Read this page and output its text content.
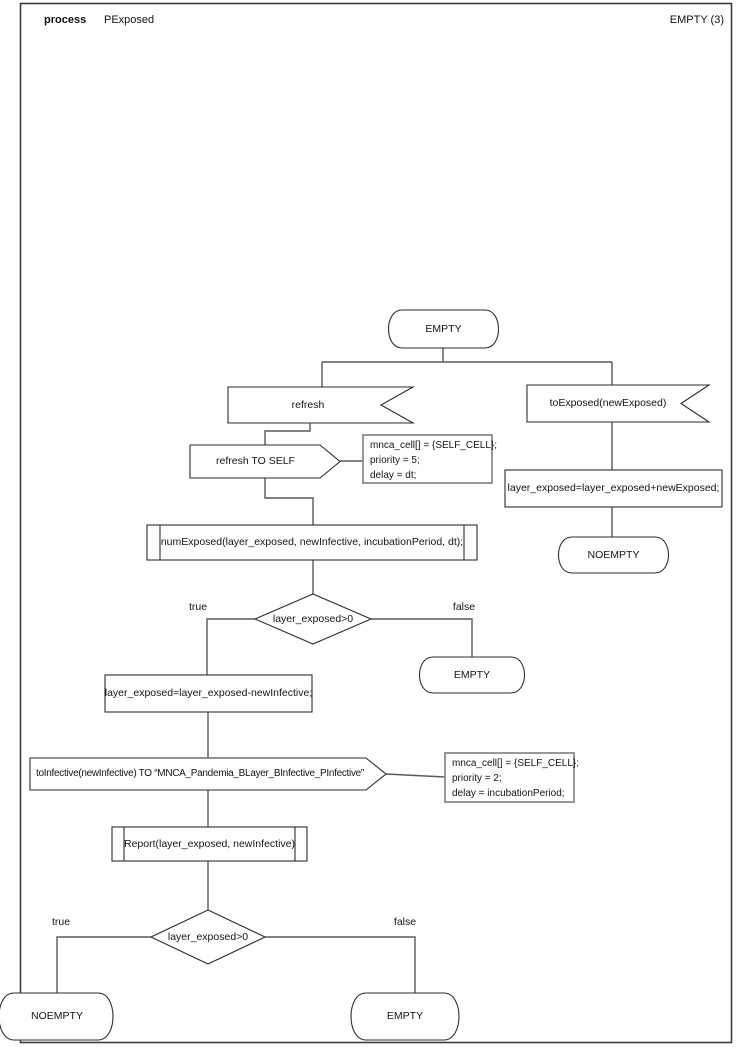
process PExposed	EMPTY (3)
EMPTY
refresh	toExposed(newExposed)
refresh TO SELF
mnca_cell[] = {SELF_CELL};
priority = 5;
delay = dt;
layer_exposed=layer_exposed+newExposed;
NOEMPTY
numExposed(layer_exposed, newInfective, incubationPeriod, dt);
layer_exposed>0
true	false
EMPTY
layer_exposed=layer_exposed-newInfective;
toInfective(newInfective) TO “MNCA_Pandemia_BLayer_BInfective_PInfective”
mnca_cell[] = {SELF_CELL};
priority = 2;
delay = incubationPeriod;
Report(layer_exposed, newInfective)
layer_exposed>0
true	false
NOEMPTY	EMPTY
